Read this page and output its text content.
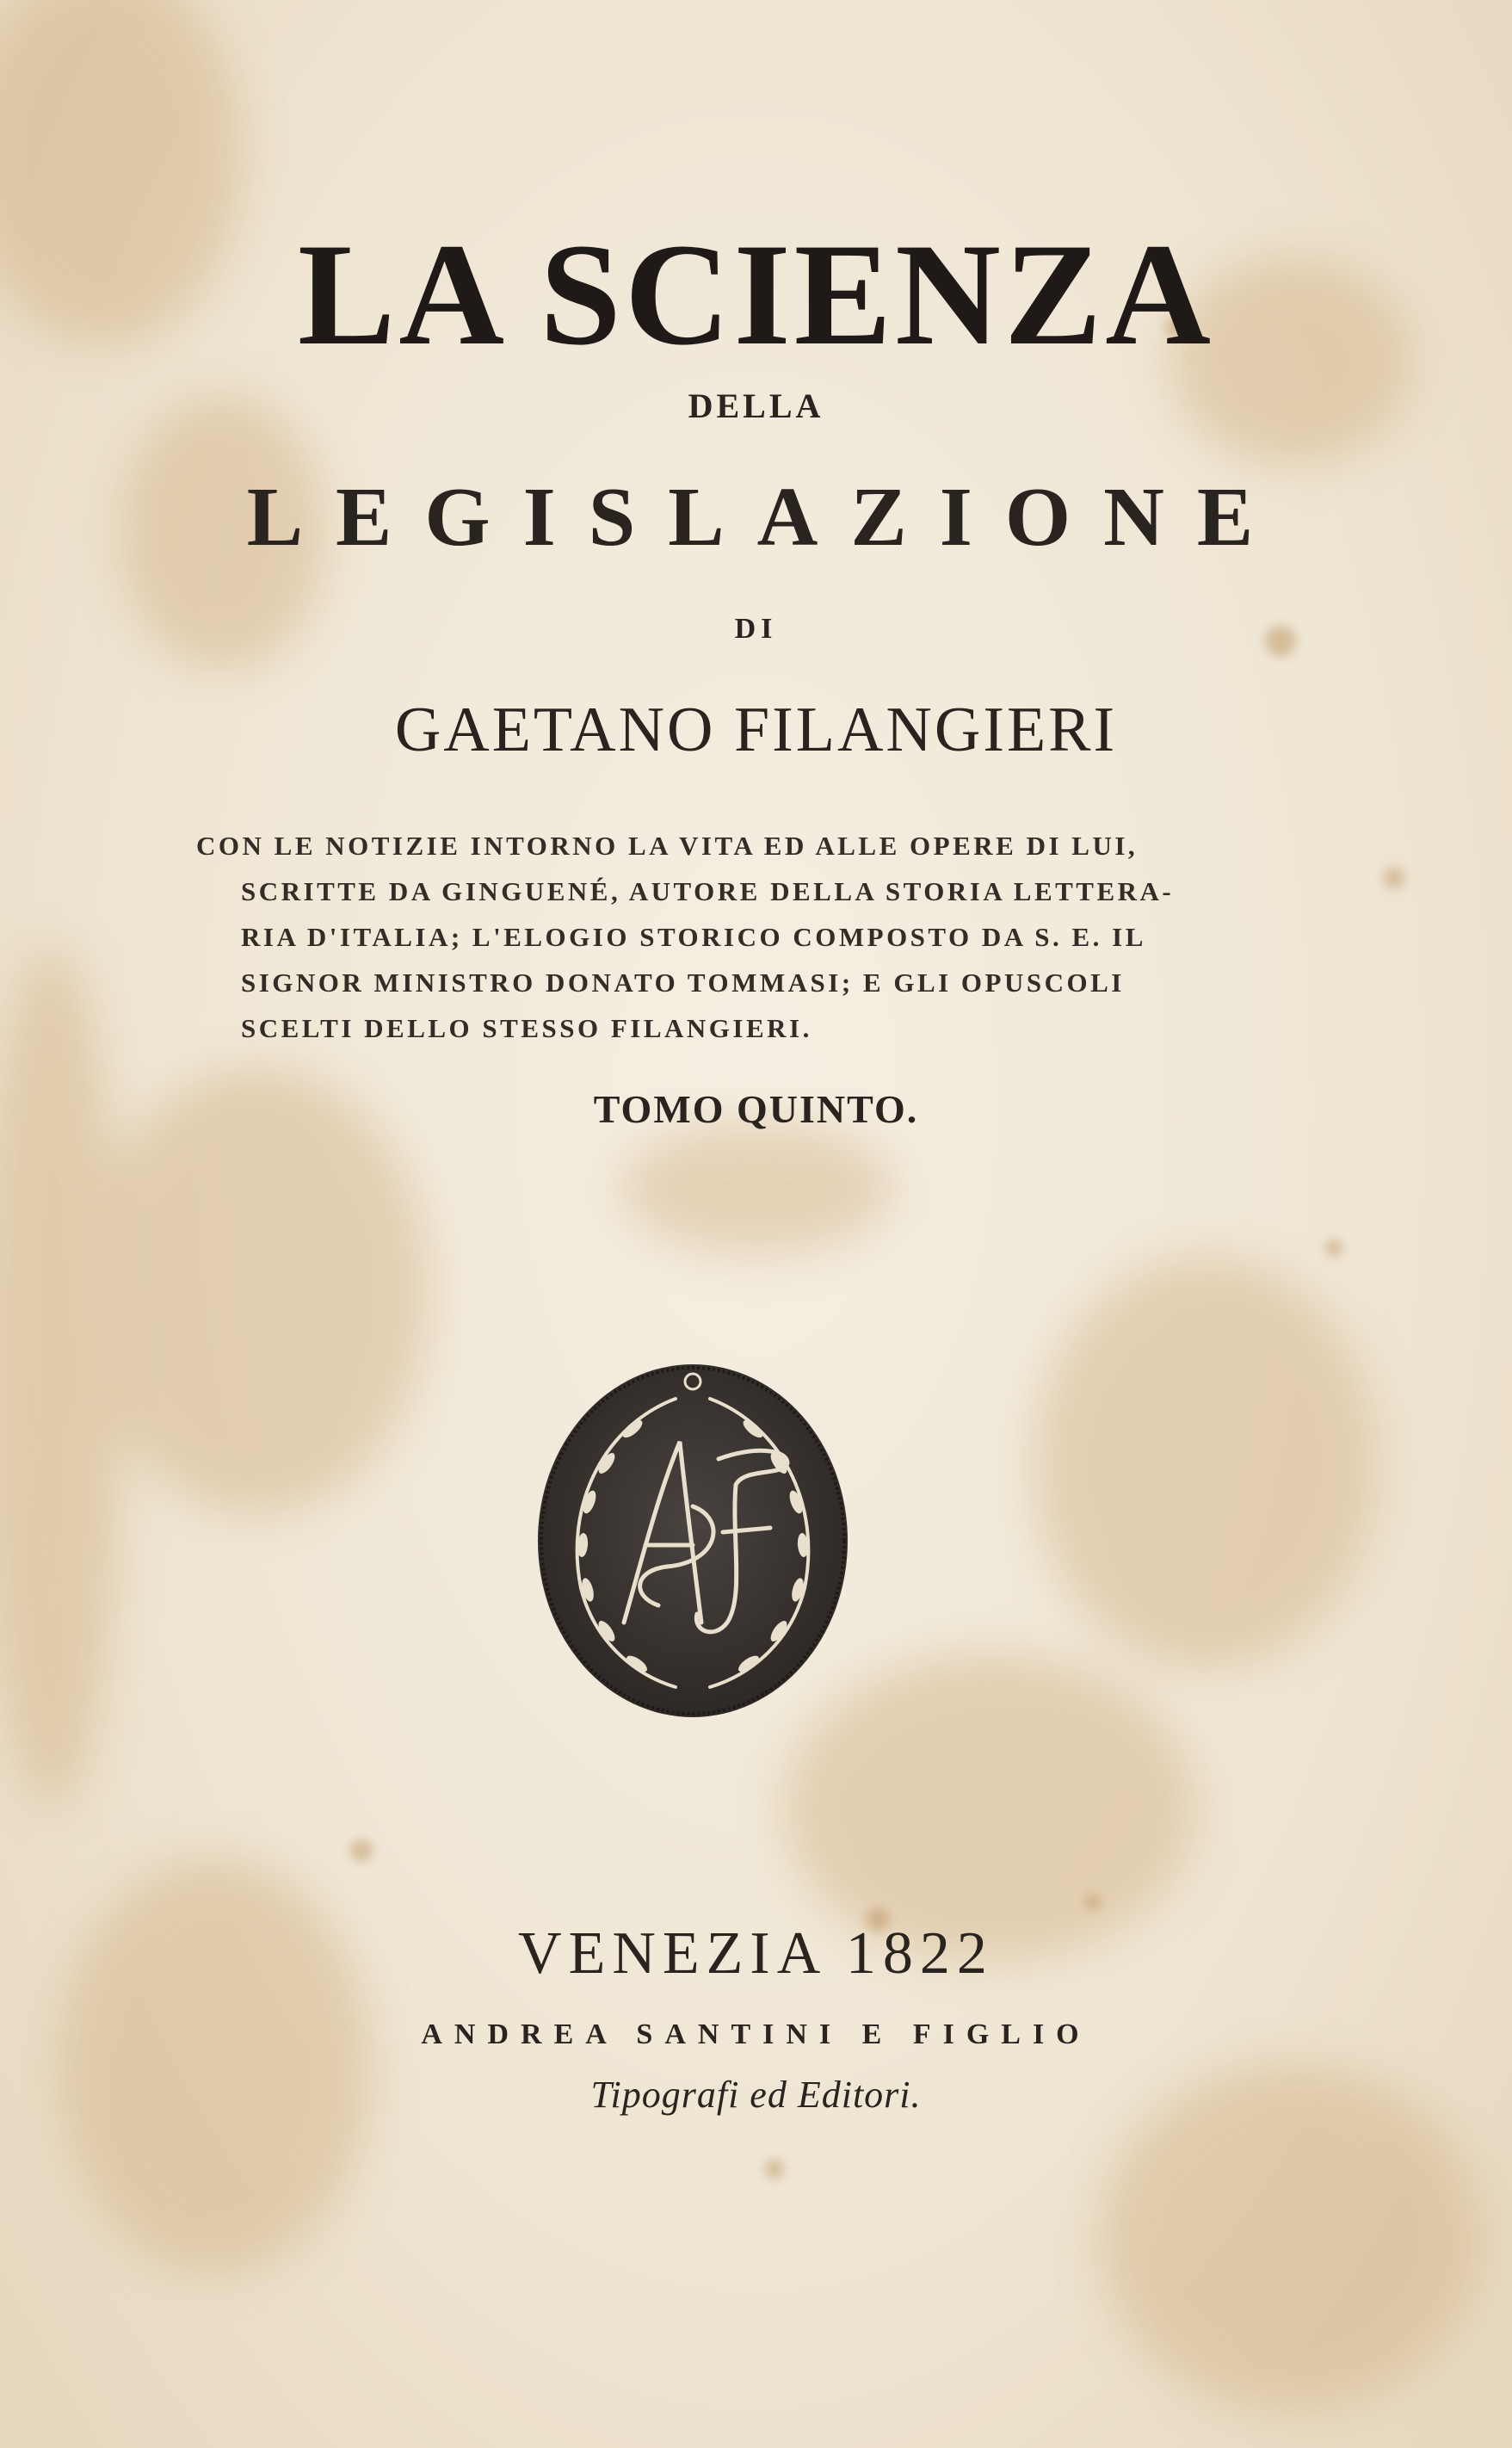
LA SCIENZA
DELLA
LEGISLAZIONE
DI
GAETANO FILANGIERI
CON LE NOTIZIE INTORNO LA VITA ED ALLE OPERE DI LUI,
SCRITTE DA GINGUENÉ, AUTORE DELLA STORIA LETTERA-
RIA D'ITALIA; L'ELOGIO STORICO COMPOSTO DA S. E. IL
SIGNOR MINISTRO DONATO TOMMASI; E GLI OPUSCOLI
SCELTI DELLO STESSO FILANGIERI.
TOMO QUINTO.
VENEZIA 1822
ANDREA SANTINI E FIGLIO
Tipografi ed Editori.
